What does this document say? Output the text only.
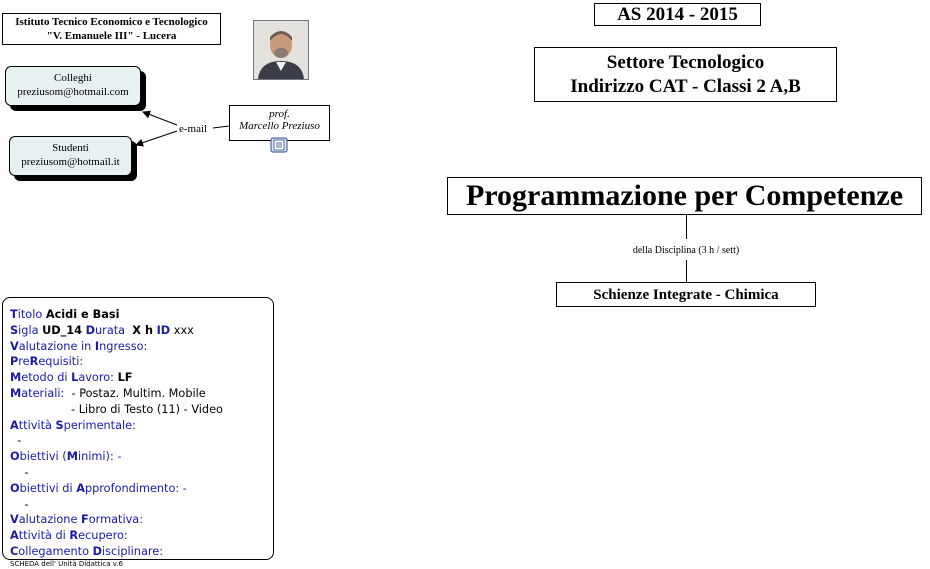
Istituto Tecnico Economico e Tecnologico
"V. Emanuele III" - Lucera
Colleghi
preziusom@hotmail.com
Studenti
preziusom@hotmail.it
e-mail
prof.
Marcello Preziuso
AS 2014 - 2015
Settore Tecnologico
Indirizzo CAT - Classi 2 A,B
Programmazione per Competenze
della Disciplina (3 h / sett)
Schienze Integrate - Chimica
Titolo Acidi e Basi
Sigla UD_14 Durata X h ID xxx
Valutazione in Ingresso:
PreRequisiti:
Metodo di Lavoro: LF
Materiali: - Postaz. Multim. Mobile
- Libro di Testo (11) - Video
Attività Sperimentale:
-
Obiettivi (Minimi): -
-
Obiettivi di Approfondimento: -
-
Valutazione Formativa:
Attività di Recupero:
Collegamento Disciplinare:
SCHEDA dell' Unità Didattica v.6
